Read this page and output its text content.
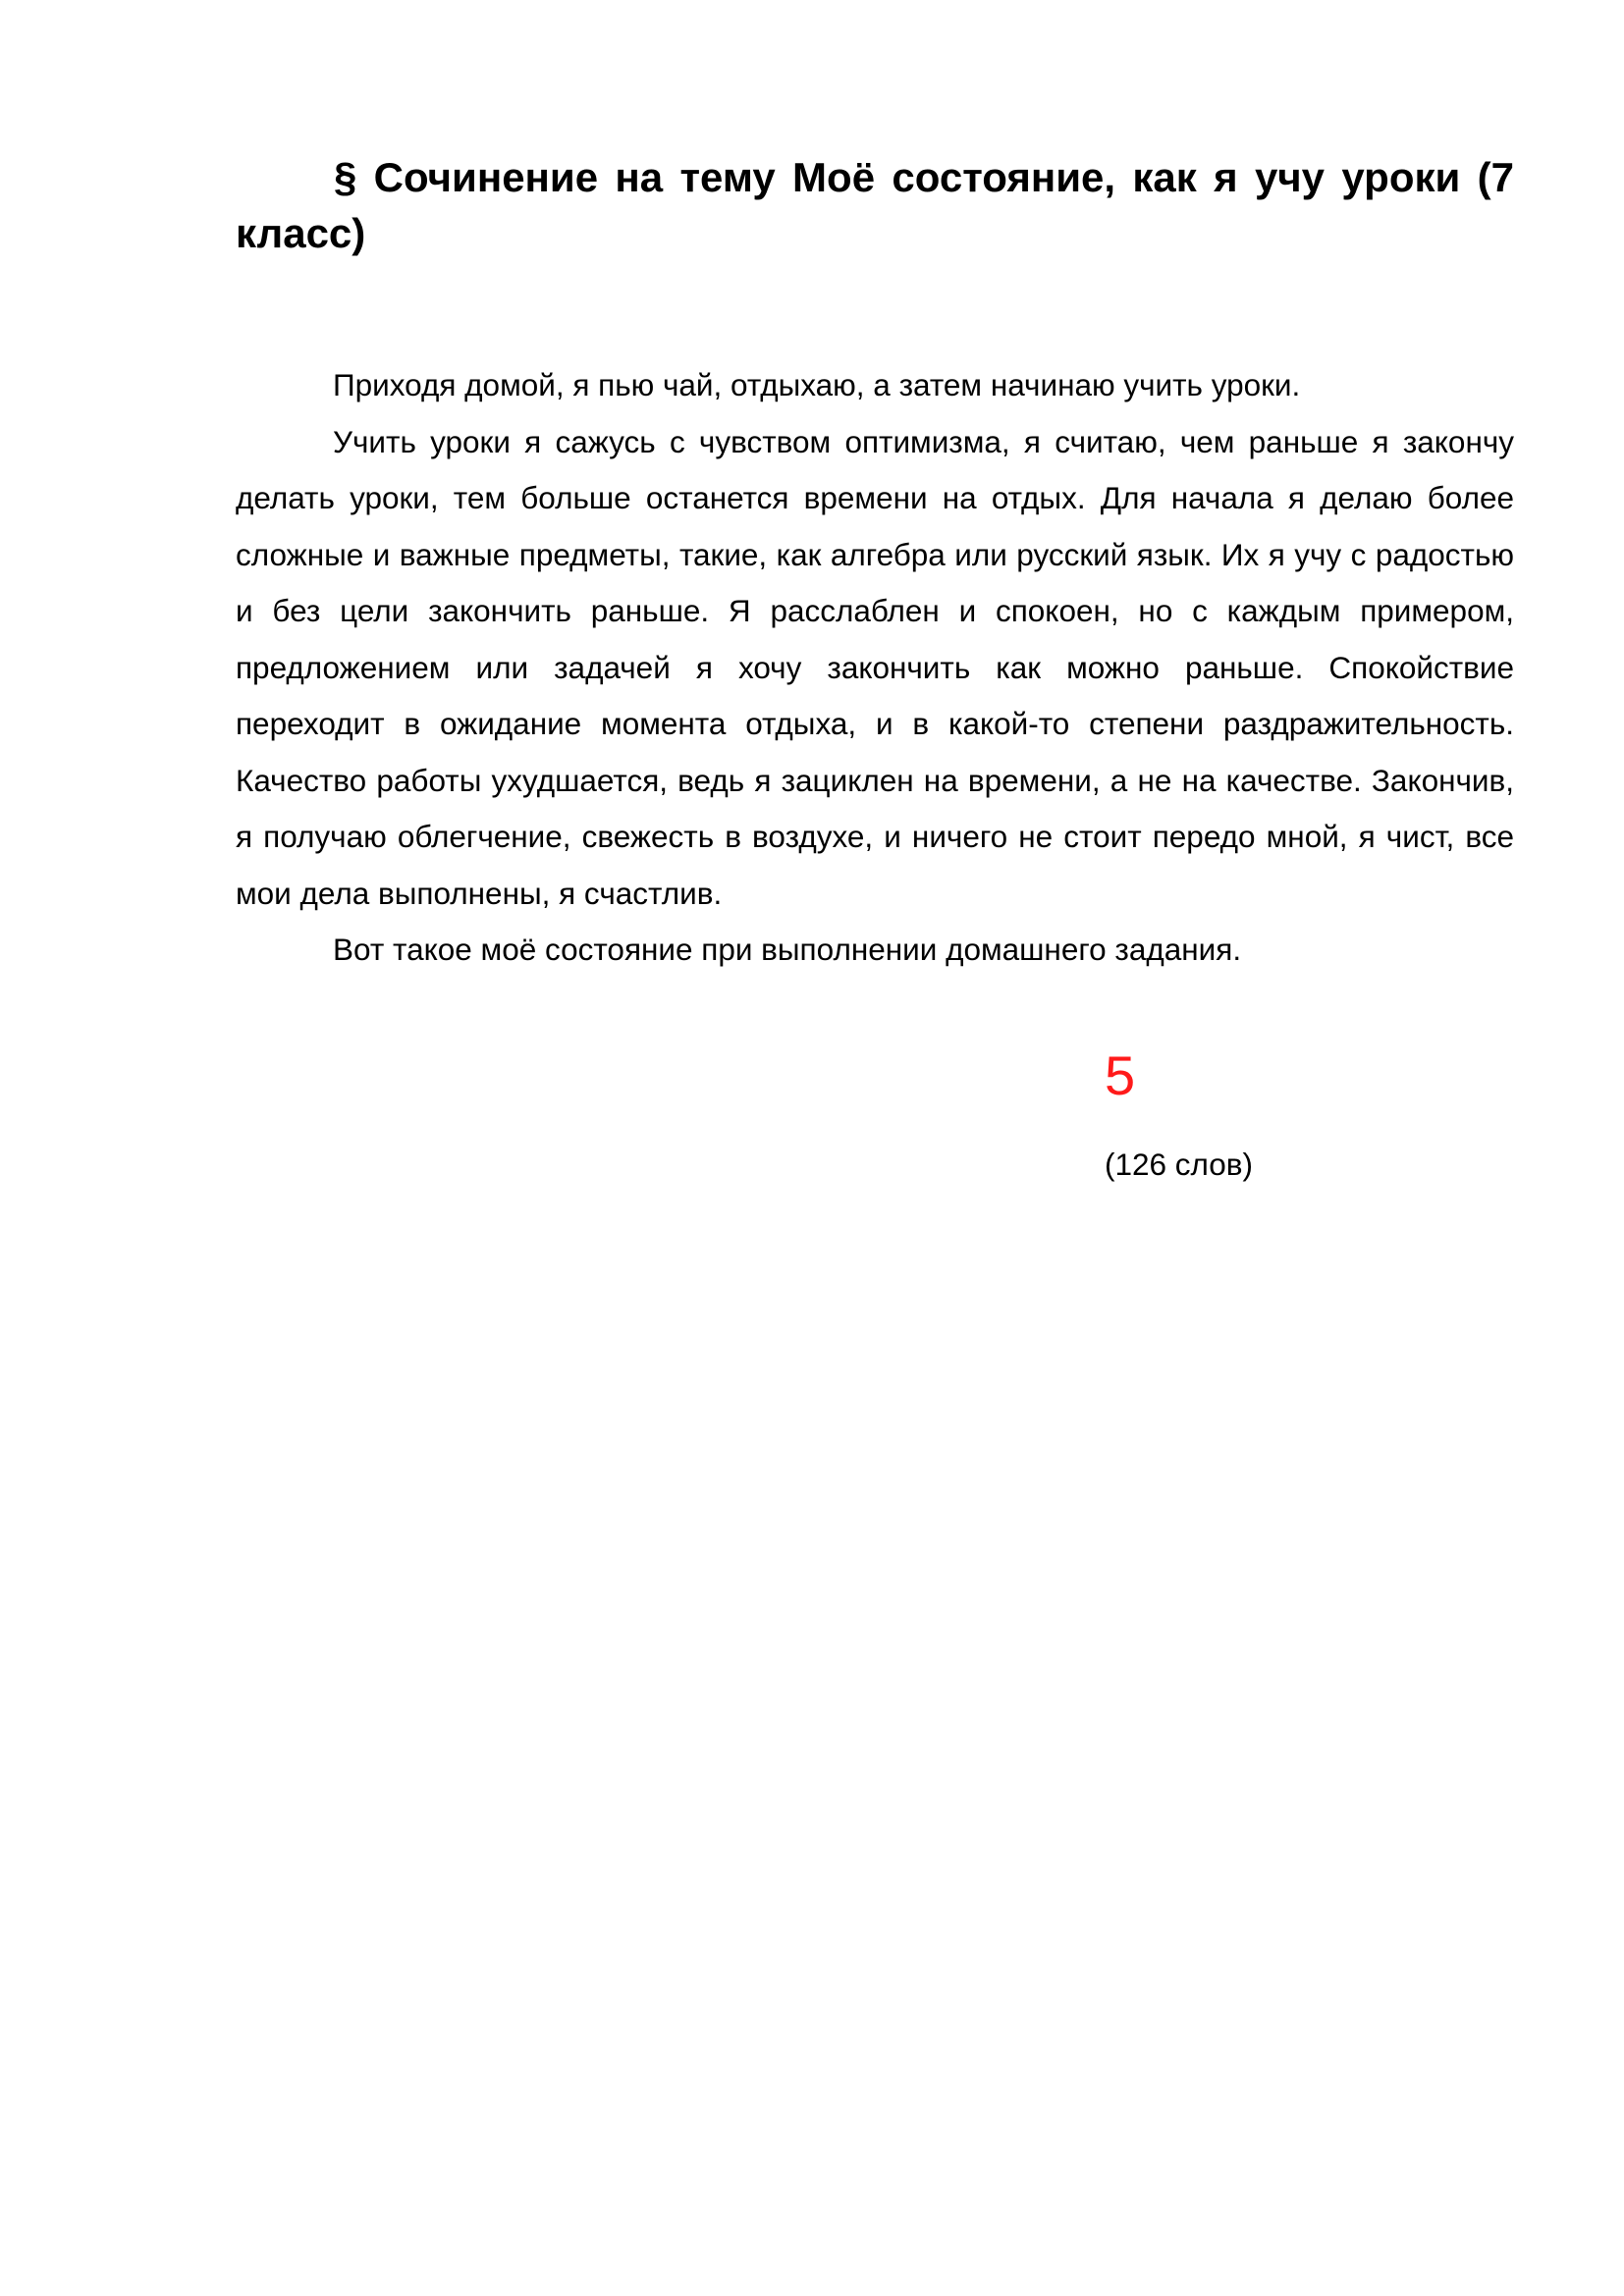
§ Сочинение на тему Моё состояние, как я учу уроки (7 класс)

Приходя домой, я пью чай, отдыхаю, а затем начинаю учить уроки.

Учить уроки я сажусь с чувством оптимизма, я считаю, чем раньше я закончу делать уроки, тем больше останется времени на отдых. Для начала я делаю более сложные и важные предметы, такие, как алгебра или русский язык. Их я учу с радостью и без цели закончить раньше. Я расслаблен и спокоен, но с каждым примером, предложением или задачей я хочу закончить как можно раньше. Спокойствие переходит в ожидание момента отдыха, и в какой-то степени раздражительность. Качество работы ухудшается, ведь я зациклен на времени, а не на качестве. Закончив, я получаю облегчение, свежесть в воздухе, и ничего не стоит передо мной, я чист, все мои дела выполнены, я счастлив.

Вот такое моё состояние при выполнении домашнего задания.

5
(126 слов)
